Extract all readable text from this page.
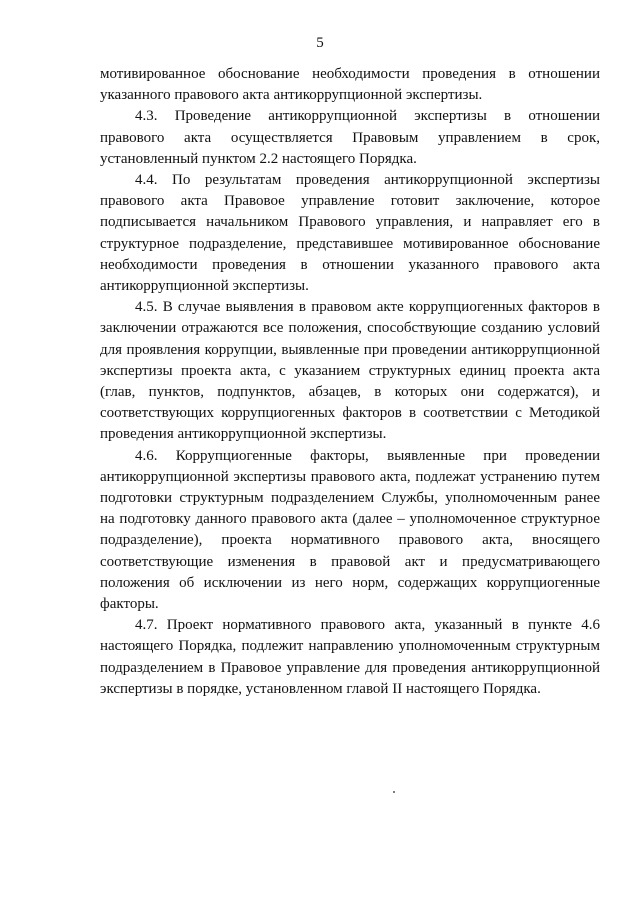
5

мотивированное обоснование необходимости проведения в отношении указанного правового акта антикоррупционной экспертизы.

4.3. Проведение антикоррупционной экспертизы в отношении правового акта осуществляется Правовым управлением в срок, установленный пунктом 2.2 настоящего Порядка.

4.4. По результатам проведения антикоррупционной экспертизы правового акта Правовое управление готовит заключение, которое подписывается начальником Правового управления, и направляет его в структурное подразделение, представившее мотивированное обоснование необходимости проведения в отношении указанного правового акта антикоррупционной экспертизы.

4.5. В случае выявления в правовом акте коррупциогенных факторов в заключении отражаются все положения, способствующие созданию условий для проявления коррупции, выявленные при проведении антикоррупционной экспертизы проекта акта, с указанием структурных единиц проекта акта (глав, пунктов, подпунктов, абзацев, в которых они содержатся), и соответствующих коррупциогенных факторов в соответствии с Методикой проведения антикоррупционной экспертизы.

4.6. Коррупциогенные факторы, выявленные при проведении антикоррупционной экспертизы правового акта, подлежат устранению путем подготовки структурным подразделением Службы, уполномоченным ранее на подготовку данного правового акта (далее – уполномоченное структурное подразделение), проекта нормативного правового акта, вносящего соответствующие изменения в правовой акт и предусматривающего положения об исключении из него норм, содержащих коррупциогенные факторы.

4.7. Проект нормативного правового акта, указанный в пункте 4.6 настоящего Порядка, подлежит направлению уполномоченным структурным подразделением в Правовое управление для проведения антикоррупционной экспертизы в порядке, установленном главой II настоящего Порядка.
